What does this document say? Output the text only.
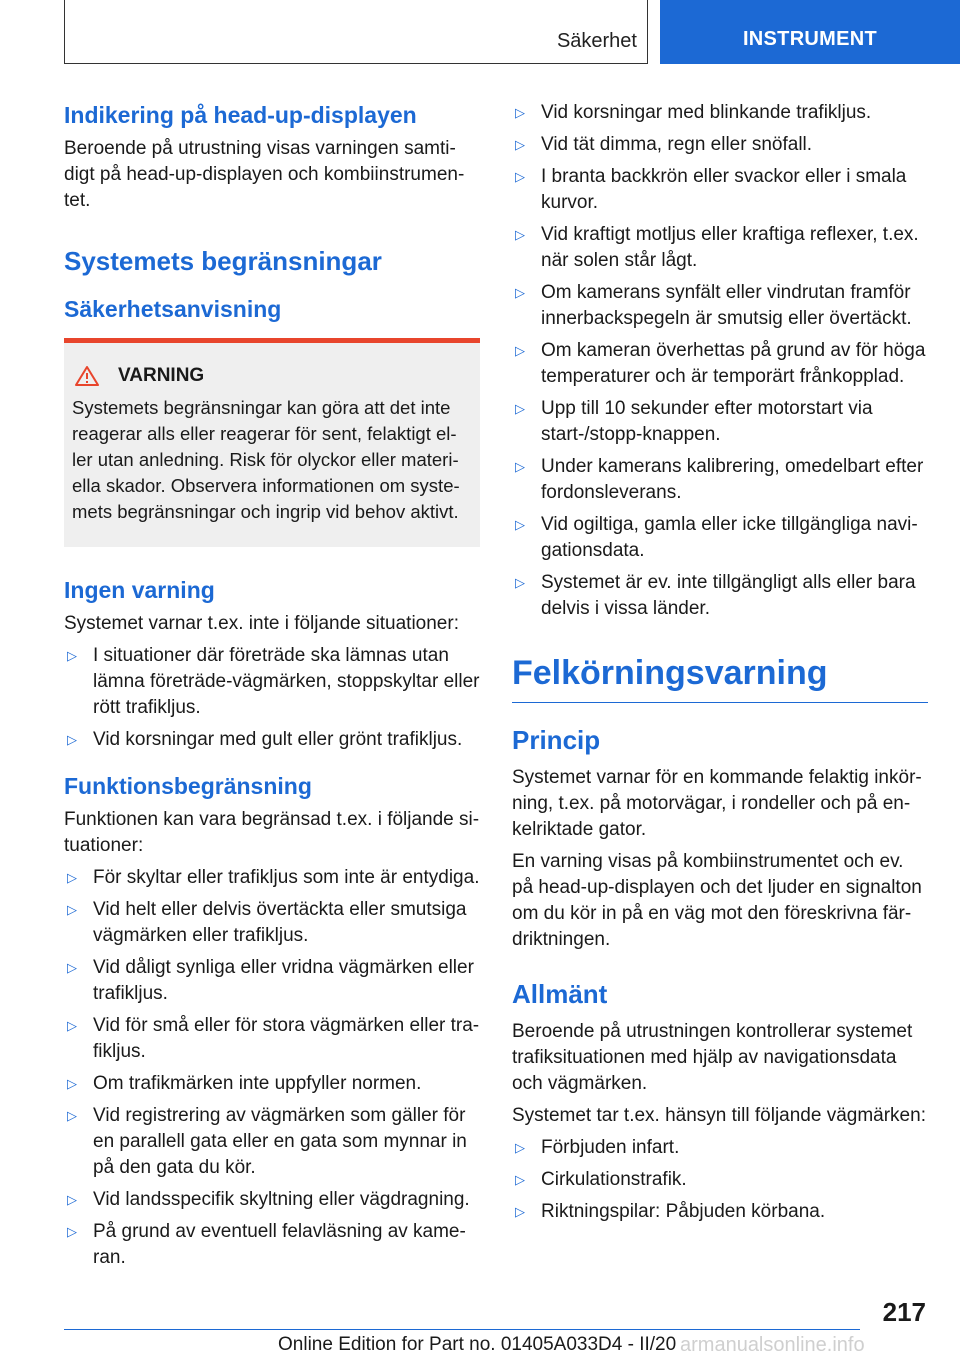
Säkerhet	INSTRUMENT
Indikering på head-up-displayen

Beroende på utrustning visas varningen samtidigt på head-up-displayen och kombiinstrumentet.

Systemets begränsningar
Säkerhetsanvisning
VARNING

Systemets begränsningar kan göra att det inte reagerar alls eller reagerar för sent, felaktigt eller utan anledning. Risk för olyckor eller materiella skador. Observera informationen om systemets begränsningar och ingrip vid behov aktivt.

Ingen varning

Systemet varnar t.ex. inte i följande situationer:

▷ I situationer där företräde ska lämnas utan lämna företräde-vägmärken, stoppskyltar eller rött trafikljus.
▷ Vid korsningar med gult eller grönt trafikljus.
Funktionsbegränsning

Funktionen kan vara begränsad t.ex. i följande situationer:

▷ För skyltar eller trafikljus som inte är entydiga.
▷ Vid helt eller delvis övertäckta eller smutsiga vägmärken eller trafikljus.
▷ Vid dåligt synliga eller vridna vägmärken eller trafikljus.
▷ Vid för små eller för stora vägmärken eller trafikljus.
▷ Om trafikmärken inte uppfyller normen.
▷ Vid registrering av vägmärken som gäller för en parallell gata eller en gata som mynnar in på den gata du kör.
▷ Vid landsspecifik skyltning eller vägdragning.
▷ På grund av eventuell felavläsning av kameran.
▷ Vid korsningar med blinkande trafikljus.
▷ Vid tät dimma, regn eller snöfall.
▷ I branta backkrön eller svackor eller i smala kurvor.
▷ Vid kraftigt motljus eller kraftiga reflexer, t.ex. när solen står lågt.
▷ Om kamerans synfält eller vindrutan framför innerbackspegeln är smutsig eller övertäckt.
▷ Om kameran överhettas på grund av för höga temperaturer och är temporärt frånkopplad.
▷ Upp till 10 sekunder efter motorstart via start-/stopp-knappen.
▷ Under kamerans kalibrering, omedelbart efter fordonsleverans.
▷ Vid ogiltiga, gamla eller icke tillgängliga navigationsdata.
▷ Systemet är ev. inte tillgängligt alls eller bara delvis i vissa länder.
Felkörningsvarning
Princip

Systemet varnar för en kommande felaktig inkörning, t.ex. på motorvägar, i rondeller och på enkelriktade gator.

En varning visas på kombiinstrumentet och ev. på head-up-displayen och det ljuder en signalton om du kör in på en väg mot den föreskrivna färdriktningen.

Allmänt

Beroende på utrustningen kontrollerar systemet trafiksituationen med hjälp av navigationsdata och vägmärken.

Systemet tar t.ex. hänsyn till följande vägmärken:

▷ Förbjuden infart.
▷ Cirkulationstrafik.
▷ Riktningspilar: Påbjuden körbana.
217
Online Edition for Part no. 01405A033D4 - II/20 armanualsonline.info
